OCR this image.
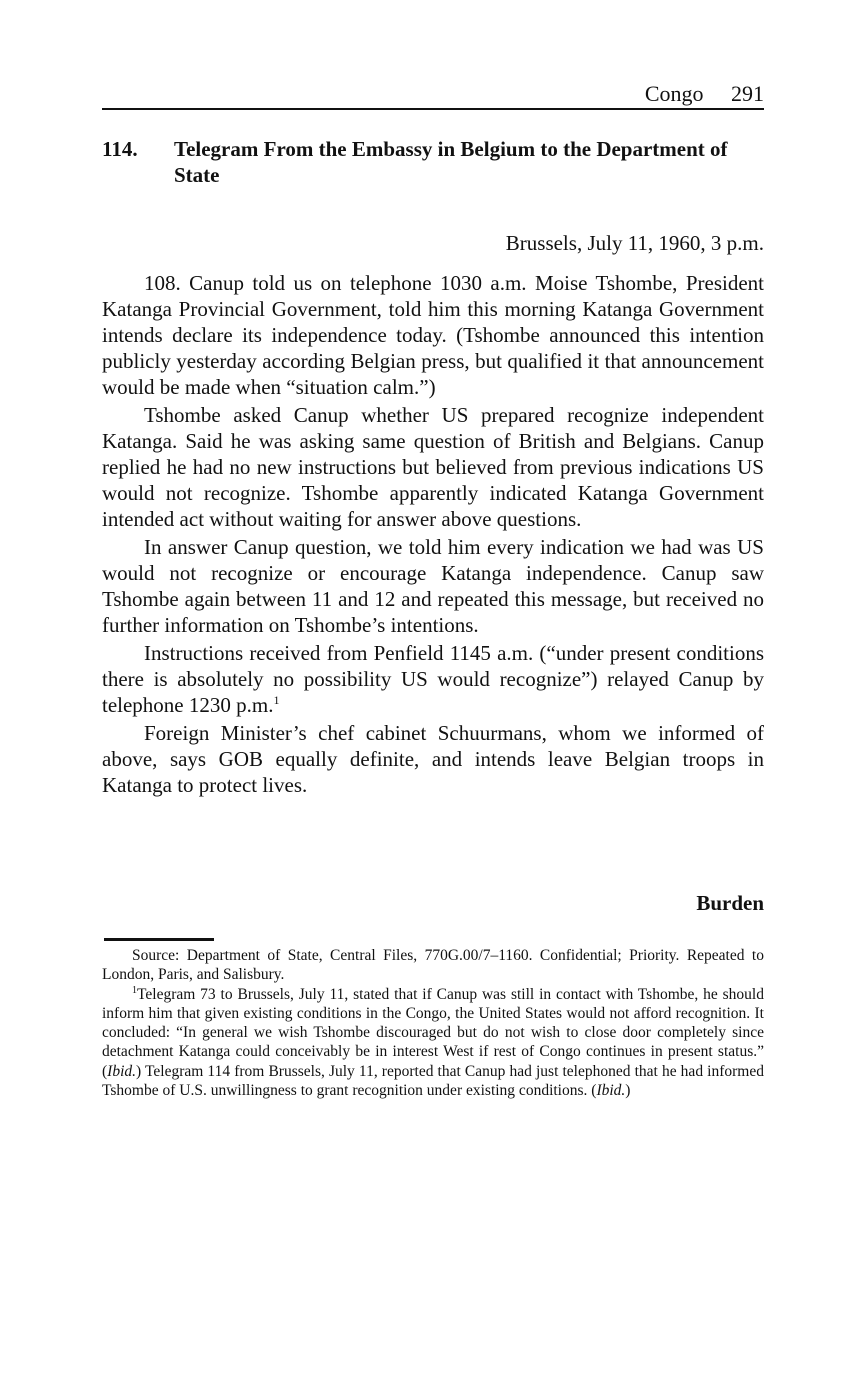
Congo 291
114. Telegram From the Embassy in Belgium to the Department of State
Brussels, July 11, 1960, 3 p.m.

108. Canup told us on telephone 1030 a.m. Moise Tshombe, President Katanga Provincial Government, told him this morning Katanga Government intends declare its independence today. (Tshombe announced this intention publicly yesterday according Belgian press, but qualified it that announcement would be made when “situation calm.”)

Tshombe asked Canup whether US prepared recognize independent Katanga. Said he was asking same question of British and Belgians. Canup replied he had no new instructions but believed from previous indications US would not recognize. Tshombe apparently indicated Katanga Government intended act without waiting for answer above questions.

In answer Canup question, we told him every indication we had was US would not recognize or encourage Katanga independence. Canup saw Tshombe again between 11 and 12 and repeated this message, but received no further information on Tshombe’s intentions.

Instructions received from Penfield 1145 a.m. (“under present conditions there is absolutely no possibility US would recognize”) relayed Canup by telephone 1230 p.m.$^1$

Foreign Minister’s chef cabinet Schuurmans, whom we informed of above, says GOB equally definite, and intends leave Belgian troops in Katanga to protect lives.

Burden

Source: Department of State, Central Files, 770G.00/7–1160. Confidential; Priority. Repeated to London, Paris, and Salisbury.

$^1$Telegram 73 to Brussels, July 11, stated that if Canup was still in contact with Tshombe, he should inform him that given existing conditions in the Congo, the United States would not afford recognition. It concluded: “In general we wish Tshombe discouraged but do not wish to close door completely since detachment Katanga could conceivably be in interest West if rest of Congo continues in present status.” (Ibid.) Telegram 114 from Brussels, July 11, reported that Canup had just telephoned that he had informed Tshombe of U.S. unwillingness to grant recognition under existing conditions. (Ibid.)
